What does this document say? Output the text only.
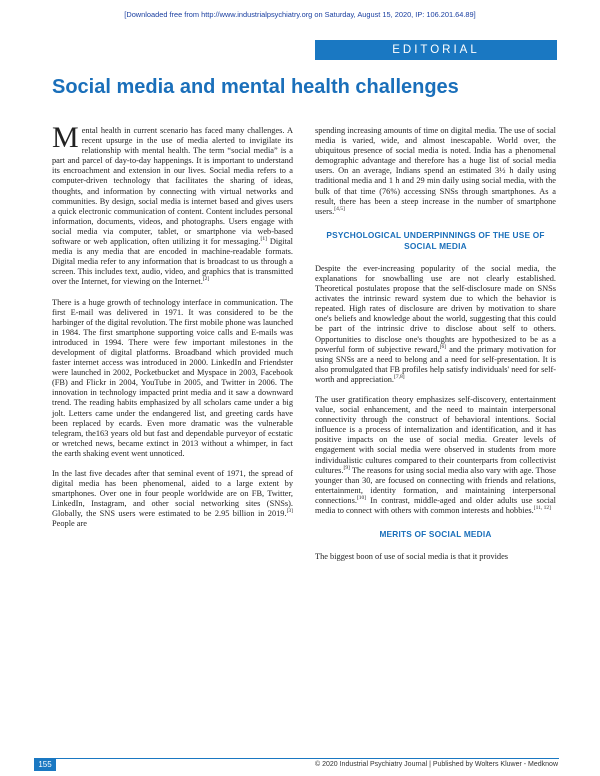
[Downloaded free from http://www.industrialpsychiatry.org on Saturday, August 15, 2020, IP: 106.201.64.89]
EDITORIAL
Social media and mental health challenges

Mental health in current scenario has faced many challenges. A recent upsurge in the use of media alerted to invigilate its relationship with mental health. The term “social media” is a part and parcel of day-to-day happenings. It is important to understand its encroachment and extension in our lives. Social media refers to a computer-driven technology that facilitates the sharing of ideas, thoughts, and information by connecting with virtual networks and communities. By design, social media is internet based and gives users a quick electronic communication of content. Content includes personal information, documents, videos, and photographs. Users engage with social media via computer, tablet, or smartphone via web-based software or web application, often utilizing it for messaging.[1] Digital media is any media that are encoded in machine-readable formats. Digital media refer to any information that is broadcast to us through a screen. This includes text, audio, video, and graphics that is transmitted over the Internet, for viewing on the Internet.[2]

There is a huge growth of technology interface in communication. The first E-mail was delivered in 1971. It was considered to be the harbinger of the digital revolution. The first mobile phone was launched in 1984. The first smartphone supporting voice calls and E-mails was introduced in 1994. There were few important milestones in the development of digital platforms. Broadband which provided much faster internet access was introduced in 2000. LinkedIn and Friendster were launched in 2002, Pocketbucket and Myspace in 2003, Facebook (FB) and Flickr in 2004, YouTube in 2005, and Twitter in 2006. The innovation in technology impacted print media and it saw a downward trend. The reading habits emphasized by all scholars came under a big jolt. Letters came under the endangered list, and greeting cards have been replaced by ecards. Even more dramatic was the vulnerable telegram, the163 years old but fast and dependable purveyor of ecstatic or wretched news, became extinct in 2013 without a whimper, in fact the earth shaking event went unnoticed.

In the last five decades after that seminal event of 1971, the spread of digital media has been phenomenal, aided to a large extent by smartphones. Over one in four people worldwide are on FB, Twitter, LinkedIn, Instagram, and other social networking sites (SNSs). Globally, the SNS users were estimated to be 2.95 billion in 2019.[3] People are

spending increasing amounts of time on digital media. The use of social media is varied, wide, and almost inescapable. World over, the ubiquitous presence of social media is noted. India has a phenomenal demographic advantage and therefore has a huge list of social media users. On an average, Indians spend an estimated 3½ h daily using traditional media and 1 h and 29 min daily using social media, with the bulk of that time (76%) accessing SNSs through smartphones. As a result, there has been a steep increase in the number of smartphone users.[4,5]

PSYCHOLOGICAL UNDERPINNINGS OF THE USE OF SOCIAL MEDIA

Despite the ever-increasing popularity of the social media, the explanations for snowballing use are not clearly established. Theoretical postulates propose that the self-disclosure made on SNSs activates the intrinsic reward system due to which the behavior is repeated. High rates of disclosure are driven by motivation to share one's beliefs and knowledge about the world, suggesting that this could be part of the intrinsic drive to disclose about self to others. Opportunities to disclose one's thoughts are hypothesized to be as a powerful form of subjective reward,[6] and the primary motivation for using SNSs are a need to belong and a need for self-presentation. It is also promulgated that FB profiles help satisfy individuals' need for self-worth and appreciation.[7,8]

The user gratification theory emphasizes self-discovery, entertainment value, social enhancement, and the need to maintain interpersonal connectivity through the construct of behavioral intentions. Social influence is a process of internalization and identification, and it has positive impacts on the use of social media. Greater levels of engagement with social media were observed in students from more individualistic cultures compared to their counterparts from collectivist cultures.[9] The reasons for using social media also vary with age. Those younger than 30, are focused on connecting with friends and relations, entertainment, identity formation, and maintaining interpersonal connections.[10] In contrast, middle-aged and older adults use social media to connect with others with common interests and hobbies.[11, 12]

MERITS OF SOCIAL MEDIA

The biggest boon of use of social media is that it provides

155	© 2020 Industrial Psychiatry Journal | Published by Wolters Kluwer - Medknow
